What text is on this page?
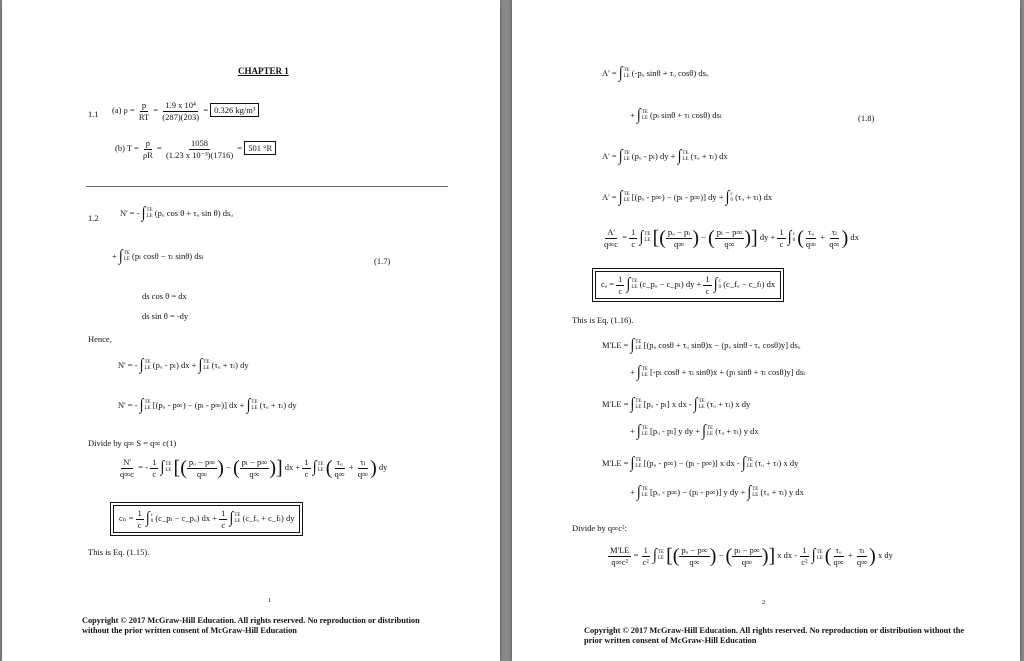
CHAPTER 1
1.1 (a) $\rho = \frac{p}{RT} = \frac{\text{1.9 x 10⁴}}{(287)(203)} = 0.326$ kg/m³
(b) $T = \frac{p}{\rho R} = \frac{1058}{\text{(1.23 x 10⁻³)(1716)}} = 501$ °R
1.2
N' = - ∫ TE
LE (pᵤ cos θ + τᵤ sin θ) dsᵤ
+ ∫ TE
LE (pₗ cosθ − τₗ sinθ) dsₗ
(1.7)
ds cos θ = dx
ds sin θ = -dy
Hence,
N' = - ∫ TE
LE (pᵤ - pₗ) dx + ∫ TE
LE (τᵤ + τₗ) dy
N' = - ∫ TE
LE [(pᵤ - p∞) − (pₗ - p∞)] dx + ∫ TE
LE (τᵤ + τₗ) dy
Divide by q∞ S = q∞ c(1)
$\frac{N'}{q\infty c}$ = - $\frac{1}{c}$ ∫ TE
LE [( $\frac{\text{pᵤ − p∞}}{q\infty}$ ) − ( $\frac{\text{pₗ − p∞}}{q\infty}$ )] dx + $\frac{1}{c}$ ∫ TE
LE ( $\frac{\text{τᵤ}}{q\infty} + \frac{\text{τₗ}}{q\infty}$ ) dy
$c_n = \frac{1}{c}$ ∫ c
0 (c_pₗ − c_pᵤ) dx + $\frac{1}{c}$ ∫ TE
LE (c_fᵤ + c_fₗ) dy
This is Eq. (1.15).
1
Copyright © 2017 McGraw-Hill Education. All rights reserved. No reproduction or distribution without the prior written consent of McGraw-Hill Education
A' = ∫ TE
LE (-pᵤ sinθ + τᵤ cosθ) dsᵤ
+ ∫ TE
LE (pₗ sinθ + τₗ cosθ) dsₗ	(1.8)
A' = ∫ TE
LE (pᵤ - pₗ) dy + ∫ TE
LE (τᵤ + τₗ) dx
A' = ∫ TE
LE [(pᵤ - p∞) − (pₗ - p∞)] dy + ∫ c
0 (τᵤ + τₗ) dx
$\frac{A'}{q\infty c} = \frac{1}{c}$ ∫ TE
LE [( $\frac{\text{pᵤ − pₗ}}{q\infty}$ ) − ( $\frac{\text{pₗ − p∞}}{q\infty}$ )] dy + $\frac{1}{c}$ ∫ c
0 ( $\frac{\text{τᵤ}}{q\infty} + \frac{\text{τₗ}}{q\infty}$ ) dx
$c_a = \frac{1}{c}$ ∫ TE
LE (c_pᵤ − c_pₗ) dy + $\frac{1}{c}$ ∫ c
0 (c_fᵤ − c_fₗ) dx
This is Eq. (1.16).
M'LE = ∫ TE
LE [(pᵤ cosθ + τᵤ sinθ)x − (pᵤ sinθ - τᵤ cosθ)y] dsᵤ
+ ∫ TE
LE [-pₗ cosθ + τₗ sinθ)x + (pₗ sinθ + τₗ cosθ)y] dsₗ
M'LE = ∫ TE
LE [pᵤ - pₗ] x dx - ∫ TE
LE (τᵤ + τₗ) x dy
+ ∫ TE
LE [pᵤ - pₗ] y dy + ∫ TE
LE (τᵤ + τₗ) y dx
M'LE = ∫ TE
LE [(pᵤ - p∞) − (pₗ - p∞)] x dx - ∫ TE
LE (τᵤ + τₗ) x dy
+ ∫ TE
LE [pᵤ - p∞) − (pₗ - p∞)] y dy + ∫ TE
LE (τᵤ + τₗ) y dx
Divide by q∞c²:
$\frac{M'LE}{\text{q∞c²}} = \frac{1}{\text{c²}}$ ∫ TE
LE [( $\frac{\text{pᵤ − p∞}}{q\infty}$ ) − ( $\frac{\text{pₗ − p∞}}{q\infty}$ )] x dx - $\frac{1}{\text{c²}}$ ∫ TE
LE ( $\frac{\text{τᵤ}}{q\infty} + \frac{\text{τₗ}}{q\infty}$ ) x dy
2
Copyright © 2017 McGraw-Hill Education. All rights reserved. No reproduction or distribution without the prior written consent of McGraw-Hill Education
